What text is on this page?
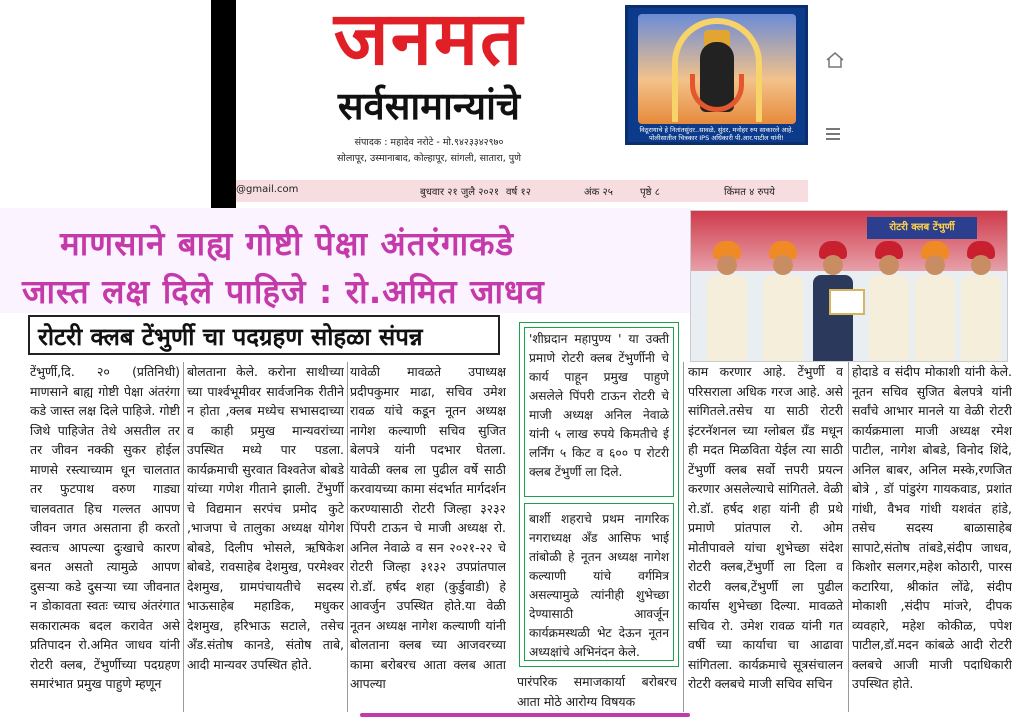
जनमत
सर्वसामान्यांचे
संपादक : महादेव नरोटे - मो.९४२३३४२९७०
सोलापूर, उस्मानाबाद, कोल्हापूर, सांगली, सातारा, पुणे
विठूरायाचे हे नितांतसुंदर..सावळे, सुंदर, मनोहर रुप साकारले आहे. पोलीसातील चित्रकार IPS अधिकारी पी.आर.पाटील यांनी!
@gmail.com	बुधवार २१ जुलै २०२१ वर्ष १२	अंक २५	पृष्ठे ८	किंमत ४ रुपये
माणसाने बाह्य गोष्टी पेक्षा अंतरंगाकडे
जास्त लक्ष दिले पाहिजे : रो.अमित जाधव
रोटरी क्लब टेंभुर्णी चा पदग्रहण सोहळा संपन्न
रोटरी क्लब टेंभुर्णी
टेंभुर्णी,दि. २० (प्रतिनिधी) माणसाने बाह्य गोष्टी पेक्षा अंतरंगा कडे जास्त लक्ष दिले पाहिजे. गोष्टी जिथे पाहिजेत तेथे असतील तर तर जीवन नक्की सुकर होईल माणसे रस्त्याच्याम धून चालतात तर फुटपाथ वरुण गाड्या चालवतात हिच गल्लत आपण जीवन जगत असताना ही करतो स्वतःच आपल्या दुःखाचे कारण बनत असतो त्यामुळे आपण दुसऱ्या कडे दुसऱ्या च्या जीवनात न डोकावता स्वतः च्याच अंतरंगात सकारात्मक बदल करावेत असे प्रतिपादन रो.अमित जाधव यांनी रोटरी क्लब, टेंभुर्णीच्या पदग्रहण समारंभात प्रमुख पाहुणे म्हणून
बोलताना केले. करोना साथीच्या च्या पार्श्वभूमीवर सार्वजनिक रीतीने न होता ,क्लब मध्येच सभासदाच्या व काही प्रमुख मान्यवरांच्या उपस्थित मध्ये पार पडला. कार्यक्रमाची सुरवात विश्वतेज बोबडे यांच्या गणेश गीताने झाली. टेंभुर्णी चे विद्यमान सरपंच प्रमोद कुटे ,भाजपा चे तालुका अध्यक्ष योगेश बोबडे, दिलीप भोसले, ऋषिकेश बोबडे, रावसाहेब देशमुख, परमेश्वर देशमुख, ग्रामपंचायतीचे सदस्य भाऊसाहेब महाडिक, मधुकर देशमुख, हरिभाऊ सटाले, तसेच अँड.संतोष कानडे, संतोष ताबे, आदी मान्यवर उपस्थित होते.
यावेळी मावळते उपाध्यक्ष प्रदीपकुमार माढा, सचिव उमेश रावळ यांचे कडून नूतन अध्यक्ष नागेश कल्याणी सचिव सुजित बेलपत्रे यांनी पदभार घेतला. यावेळी क्लब ला पुढील वर्षे साठी करवायच्या कामा संदर्भात मार्गदर्शन करण्यासाठी रोटरी जिल्हा ३२३२ पिंपरी टाऊन चे माजी अध्यक्ष रो. अनिल नेवाळे व सन २०२१-२२ चे रोटरी जिल्हा ३१३२ उपप्रांतपाल रो.डॉ. हर्षद शहा (कुर्डुवाडी) हे आवर्जुन उपस्थित होते.या वेळी नूतन अध्यक्ष नागेश कल्याणी यांनी बोलताना क्लब च्या आजवरच्या कामा बरोबरच आता क्लब आता आपल्या
'शीघ्रदान महापुण्य ' या उक्ती प्रमाणे रोटरी क्लब टेंभुर्णीनी चे कार्य पाहून प्रमुख पाहुणे असलेले पिंपरी टाऊन रोटरी चे माजी अध्यक्ष अनिल नेवाळे यांनी ५ लाख रुपये किमतीचे ई लर्निंग ५ किट व ६०० प रोटरी क्लब टेंभुर्णी ला दिले.
बार्शी शहराचे प्रथम नागरिक नगराध्यक्ष अँड आसिफ भाई तांबोळी हे नूतन अध्यक्ष नागेश कल्याणी यांचे वर्गमित्र असल्यामुळे त्यांनीही शुभेच्छा देण्यासाठी आवर्जून कार्यक्रमस्थळी भेट देऊन नूतन अध्यक्षांचे अभिनंदन केले.
पारंपरिक समाजकार्या बरोबरच आता मोठे आरोग्य विषयक
काम करणार आहे. टेंभुर्णी व परिसराला अधिक गरज आहे. असे सांगितले.तसेच या साठी रोटरी इंटरनॅशनल च्या ग्लोबल ग्रँड मधून ही मदत मिळविता येईल त्या साठी टेंभुर्णी क्लब सर्वो त्तपरी प्रयत्न करणार असलेल्याचे सांगितले. वेळी रो.डॉ. हर्षद शहा यांनी ही प्रथे प्रमाणे प्रांतपाल रो. ओम मोतीपावले यांचा शुभेच्छा संदेश रोटरी क्लब,टेंभुर्णी ला दिला व रोटरी क्लब,टेंभुर्णी ला पुढील कार्यास शुभेच्छा दिल्या. मावळते सचिव रो. उमेश रावळ यांनी गत वर्षी च्या कार्याचा चा आढावा सांगितला. कार्यक्रमाचे सूत्रसंचालन रोटरी क्लबचे माजी सचिव सचिन
होदाडे व संदीप मोकाशी यांनी केले. नूतन सचिव सुजित बेलपत्रे यांनी सर्वांचे आभार मानले या वेळी रोटरी कार्यक्रमाला माजी अध्यक्ष रमेश पाटील, नागेश बोबडे, विनोद शिंदे, अनिल बाबर, अनिल मस्के,रणजित बोत्रे , डॉ पांडुरंग गायकवाड, प्रशांत गांधी, वैभव गांधी यशवंत हांडे, तसेच सदस्य बाळासाहेब सापाटे,संतोष तांबडे,संदीप जाधव, किशोर सलगर,महेश कोठारी, पारस कटारिया, श्रीकांत लोंढे, संदीप मोकाशी ,संदीप मांजरे, दीपक व्यवहारे, महेश कोकीळ, पपेश पाटील,डॉ.मदन कांबळे आदी रोटरी क्लबचे आजी माजी पदाधिकारी उपस्थित होते.
